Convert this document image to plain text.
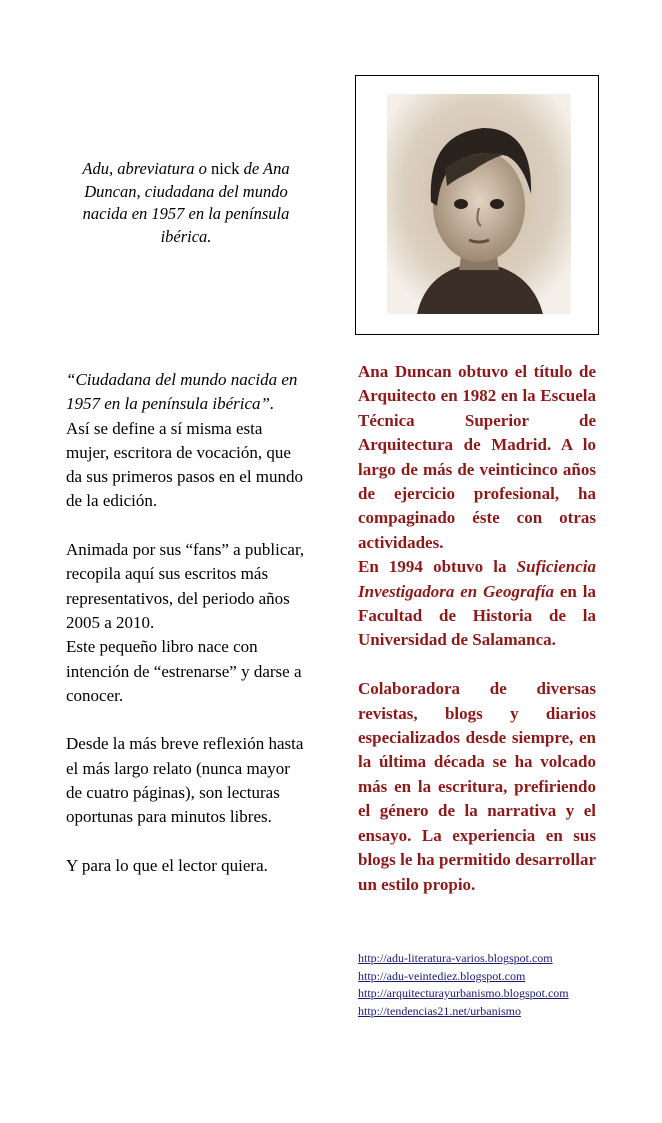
Adu, abreviatura o nick de Ana Duncan, ciudadana del mundo nacida en 1957 en la península ibérica.

“Ciudadana del mundo nacida en 1957 en la península ibérica”.

Así se define a sí misma esta mujer, escritora de vocación, que da sus primeros pasos en el mundo de la edición.

Animada por sus “fans” a publicar, recopila aquí sus escritos más representativos, del periodo años 2005 a 2010.

Este pequeño libro nace con intención de “estrenarse” y darse a conocer.

Desde la más breve reflexión hasta el más largo relato (nunca mayor de cuatro páginas), son lecturas oportunas para minutos libres.

Y para lo que el lector quiera.

Ana Duncan obtuvo el título de Arquitecto en 1982 en la Escuela Técnica Superior de Arquitectura de Madrid. A lo largo de más de veinticinco años de ejercicio profesional, ha compaginado éste con otras actividades.

En 1994 obtuvo la Suficiencia Investigadora en Geografía en la Facultad de Historia de la Universidad de Salamanca.

Colaboradora de diversas revistas, blogs y diarios especializados desde siempre, en la última década se ha volcado más en la escritura, prefiriendo el género de la narrativa y el ensayo. La experiencia en sus blogs le ha permitido desarrollar un estilo propio.

http://adu-literatura-varios.blogspot.com
http://adu-veintediez.blogspot.com
http://arquitecturayurbanismo.blogspot.com
http://tendencias21.net/urbanismo
